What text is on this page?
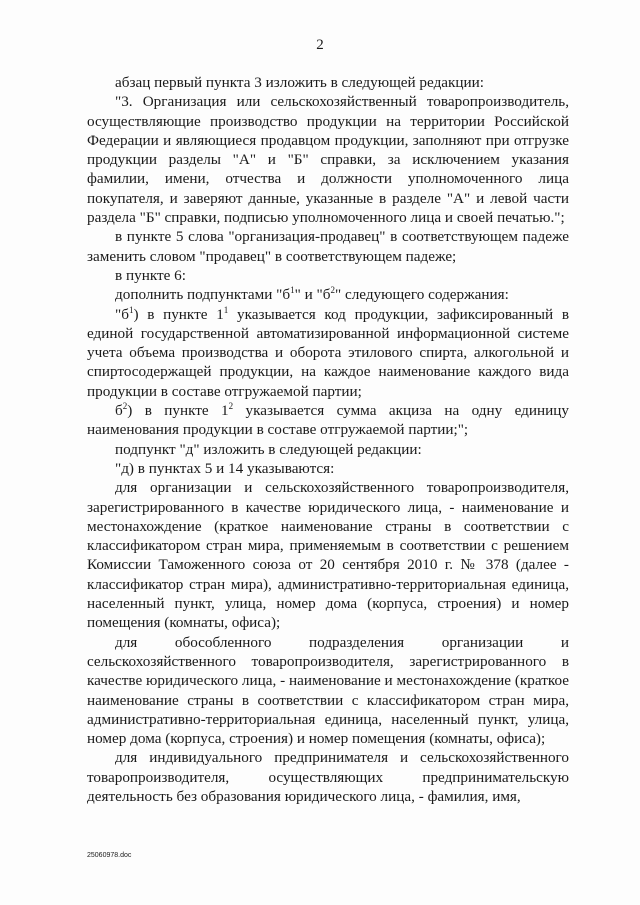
2

абзац первый пункта 3 изложить в следующей редакции:

"3. Организация или сельскохозяйственный товаропроизводитель, осуществляющие производство продукции на территории Российской Федерации и являющиеся продавцом продукции, заполняют при отгрузке продукции разделы "А" и "Б" справки, за исключением указания фамилии, имени, отчества и должности уполномоченного лица покупателя, и заверяют данные, указанные в разделе "А" и левой части раздела "Б" справки, подписью уполномоченного лица и своей печатью.";

в пункте 5 слова "организация-продавец" в соответствующем падеже заменить словом "продавец" в соответствующем падеже;

в пункте 6:

дополнить подпунктами "$б^1$" и "$б^2$" следующего содержания:

"$б^1$) в пункте $1^1$ указывается код продукции, зафиксированный в единой государственной автоматизированной информационной системе учета объема производства и оборота этилового спирта, алкогольной и спиртосодержащей продукции, на каждое наименование каждого вида продукции в составе отгружаемой партии;

$б^2$) в пункте $1^2$ указывается сумма акциза на одну единицу наименования продукции в составе отгружаемой партии;";

подпункт "д" изложить в следующей редакции:

"д) в пунктах 5 и 14 указываются:

для организации и сельскохозяйственного товаропроизводителя, зарегистрированного в качестве юридического лица, - наименование и местонахождение (краткое наименование страны в соответствии с классификатором стран мира, применяемым в соответствии с решением Комиссии Таможенного союза от 20 сентября 2010 г. № 378 (далее - классификатор стран мира), административно-территориальная единица, населенный пункт, улица, номер дома (корпуса, строения) и номер помещения (комнаты, офиса);

для обособленного подразделения организации и

сельскохозяйственного товаропроизводителя, зарегистрированного в качестве юридического лица, - наименование и местонахождение (краткое наименование страны в соответствии с классификатором стран мира, административно-территориальная единица, населенный пункт, улица, номер дома (корпуса, строения) и номер помещения (комнаты, офиса);

для индивидуального предпринимателя и сельскохозяйственного товаропроизводителя, осуществляющих предпринимательскую деятельность без образования юридического лица, - фамилия, имя,

25060978.doc
